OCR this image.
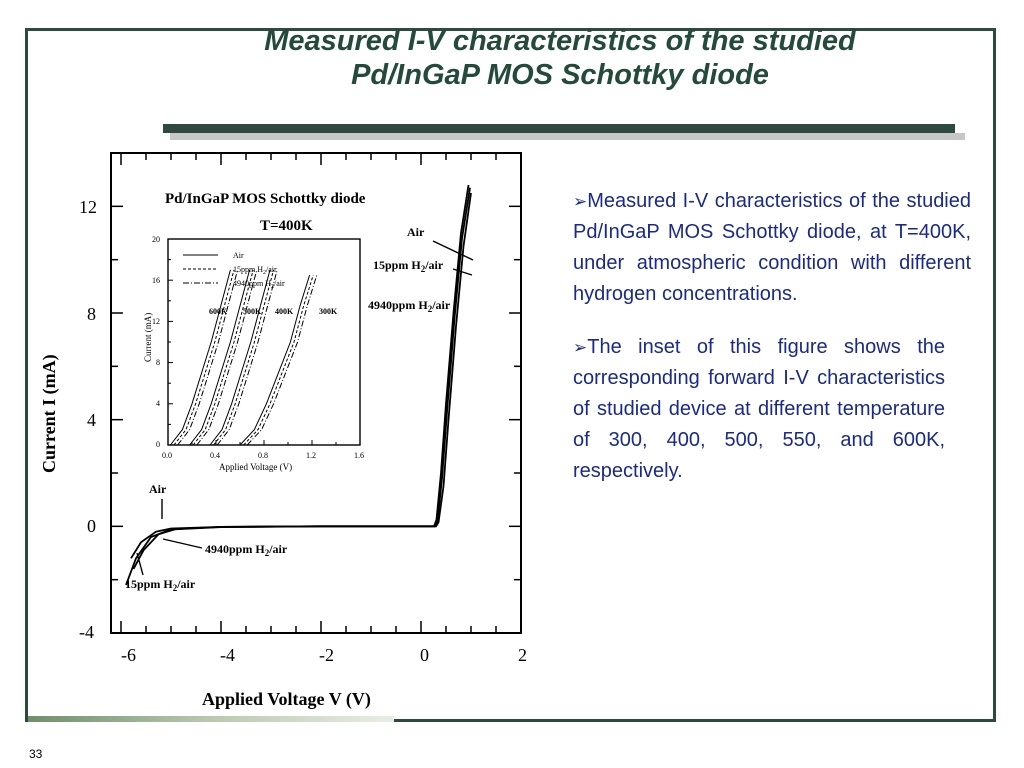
Measured I-V characteristics of the studied
Pd/InGaP MOS Schottky diode
12
8
4
0
-4
-6	-4	-2	0	2
Applied Voltage V (V)
Current I (mA)
Pd/InGaP MOS Schottky diode
T=400K	Air
15ppm $H_2$/air
4940ppm $H_2$/air
Air
4940ppm $H_2$/air
15ppm $H_2$/air
20
16
12
8
4
0
0.0	0.4	0.8	1.2	1.6
Applied Voltage (V)
Current (mA)
Air
15ppm $H_2$/air
4940ppm $H_2$/air
600K 500K 400K	300K
➢Measured I-V characteristics of the studied Pd/InGaP MOS Schottky diode, at T=400K, under atmospheric condition with different hydrogen concentrations.
➢The inset of this figure shows the corresponding forward I-V characteristics of studied device at different temperature of 300, 400, 500, 550, and 600K, respectively.
33
